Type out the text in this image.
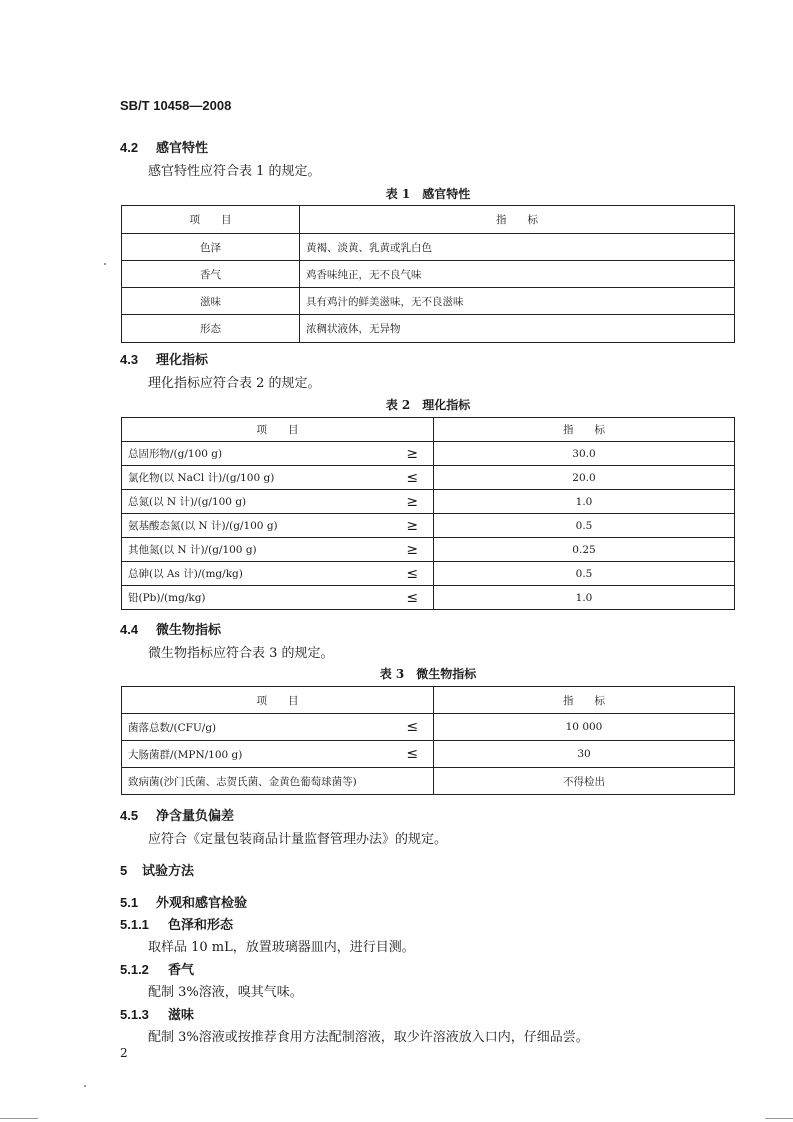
SB/T 10458—2008
4.2 感官特性
感官特性应符合表 1 的规定。
表 1　感官特性
项　　目	指　　标
色泽	黄褐、淡黄、乳黄或乳白色
香气	鸡香味纯正，无不良气味
滋味	具有鸡汁的鲜美滋味，无不良滋味
形态	浓稠状液体，无异物
4.3 理化指标
理化指标应符合表 2 的规定。
表 2　理化指标
项　　目		指　　标
总固形物/(g/100 g)	≥	30.0
氯化物(以 NaCl 计)/(g/100 g)	≤	20.0
总氮(以 N 计)/(g/100 g)	≥	1.0
氨基酸态氮(以 N 计)/(g/100 g)	≥	0.5
其他氮(以 N 计)/(g/100 g)	≥	0.25
总砷(以 As 计)/(mg/kg)	≤	0.5
铅(Pb)/(mg/kg)	≤	1.0
4.4 微生物指标
微生物指标应符合表 3 的规定。
表 3　微生物指标
项　　目		指　　标
菌落总数/(CFU/g)	≤	10 000
大肠菌群/(MPN/100 g)	≤	30
致病菌(沙门氏菌、志贺氏菌、金黄色葡萄球菌等)		不得检出
4.5 净含量负偏差
应符合《定量包装商品计量监督管理办法》的规定。
5 试验方法
5.1 外观和感官检验
5.1.1 色泽和形态
取样品 10 mL，放置玻璃器皿内，进行目测。
5.1.2 香气
配制 3%溶液，嗅其气味。
5.1.3 滋味
配制 3%溶液或按推荐食用方法配制溶液，取少许溶液放入口内，仔细品尝。
2
